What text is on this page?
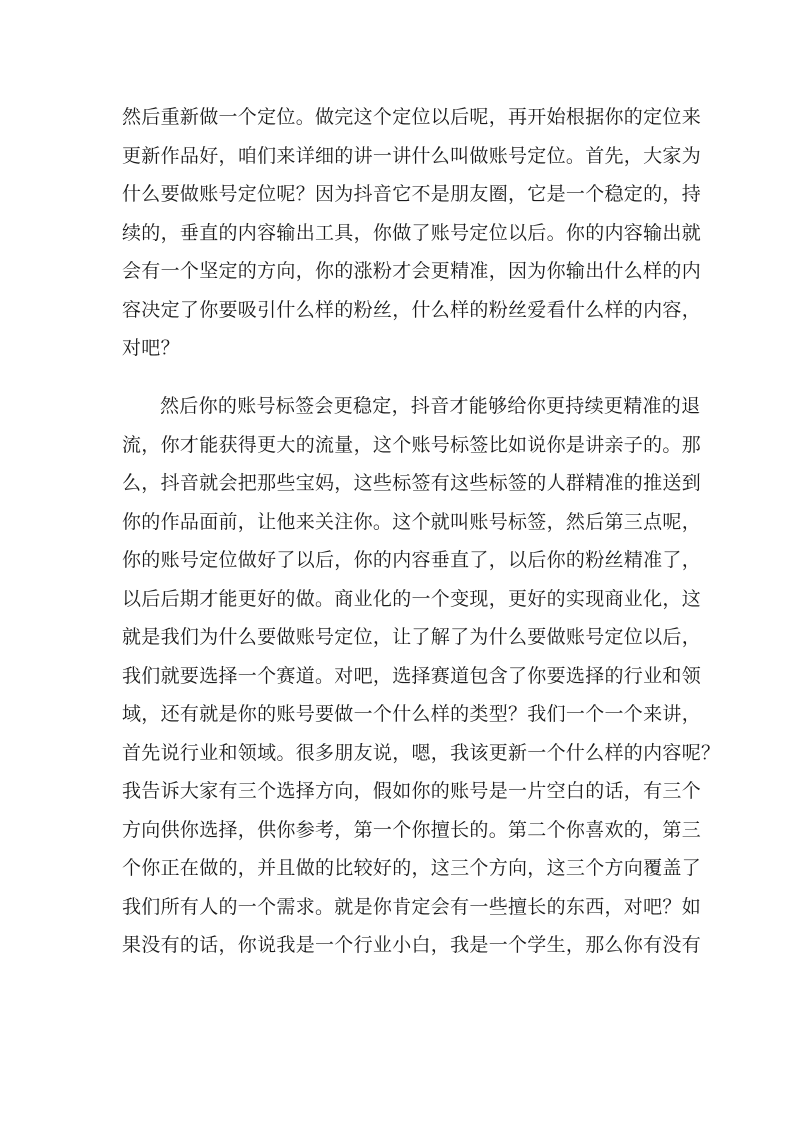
然后重新做一个定位。做完这个定位以后呢，再开始根据你的定位来
更新作品好，咱们来详细的讲一讲什么叫做账号定位。首先，大家为
什么要做账号定位呢？因为抖音它不是朋友圈，它是一个稳定的，持
续的，垂直的内容输出工具，你做了账号定位以后。你的内容输出就
会有一个坚定的方向，你的涨粉才会更精准，因为你输出什么样的内
容决定了你要吸引什么样的粉丝，什么样的粉丝爱看什么样的内容，
对吧？
然后你的账号标签会更稳定，抖音才能够给你更持续更精准的退
流，你才能获得更大的流量，这个账号标签比如说你是讲亲子的。那
么，抖音就会把那些宝妈，这些标签有这些标签的人群精准的推送到
你的作品面前，让他来关注你。这个就叫账号标签，然后第三点呢，
你的账号定位做好了以后，你的内容垂直了，以后你的粉丝精准了，
以后后期才能更好的做。商业化的一个变现，更好的实现商业化，这
就是我们为什么要做账号定位，让了解了为什么要做账号定位以后，
我们就要选择一个赛道。对吧，选择赛道包含了你要选择的行业和领
域，还有就是你的账号要做一个什么样的类型？我们一个一个来讲，
首先说行业和领域。很多朋友说，嗯，我该更新一个什么样的内容呢？
我告诉大家有三个选择方向，假如你的账号是一片空白的话，有三个
方向供你选择，供你参考，第一个你擅长的。第二个你喜欢的，第三
个你正在做的，并且做的比较好的，这三个方向，这三个方向覆盖了
我们所有人的一个需求。就是你肯定会有一些擅长的东西，对吧？如
果没有的话，你说我是一个行业小白，我是一个学生，那么你有没有
